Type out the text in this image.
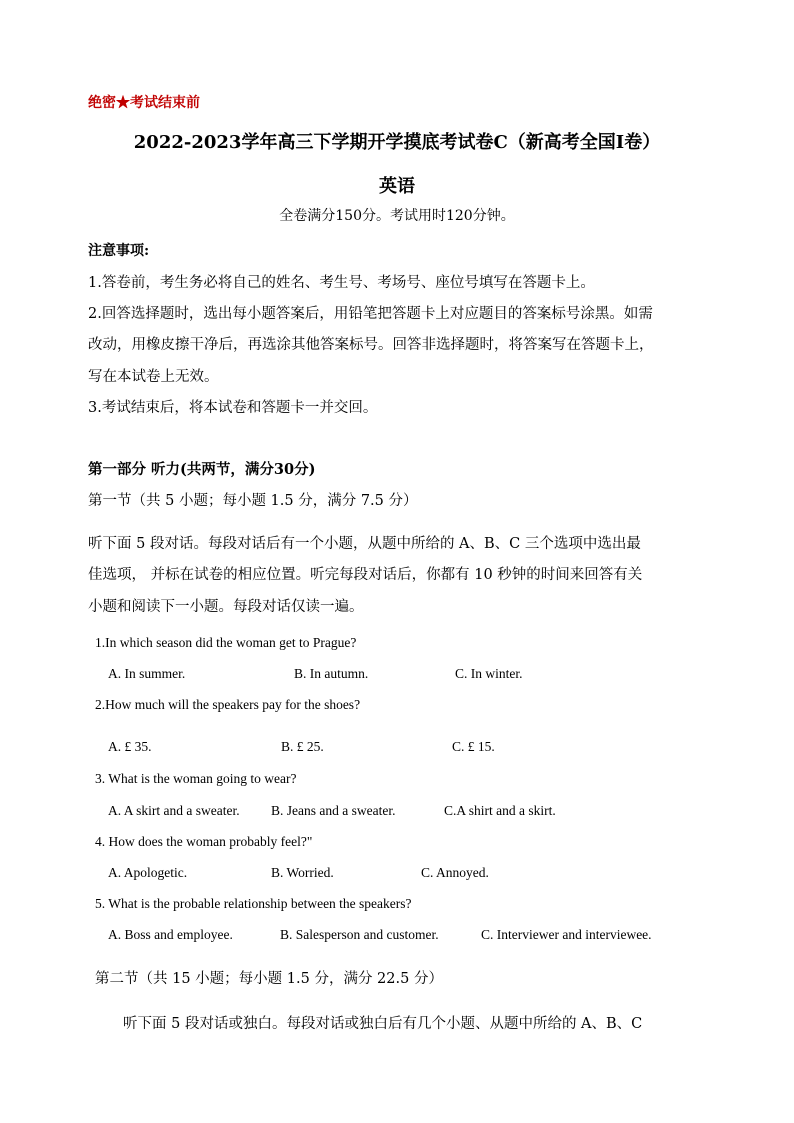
绝密★考试结束前
2022-2023学年高三下学期开学摸底考试卷C（新高考全国I卷）
英语
全卷满分150分。考试用时120分钟。
注意事项:
1.答卷前，考生务必将自己的姓名、考生号、考场号、座位号填写在答题卡上。
2.回答选择题时，选出每小题答案后，用铅笔把答题卡上对应题目的答案标号涂黑。如需
改动，用橡皮擦干净后，再选涂其他答案标号。回答非选择题时，将答案写在答题卡上，
写在本试卷上无效。
3.考试结束后，将本试卷和答题卡一并交回。
第一部分 听力(共两节，满分30分)
第一节（共 5 小题；每小题 1.5 分，满分 7.5 分）
听下面 5 段对话。每段对话后有一个小题，从题中所给的 A、B、C 三个选项中选出最
佳选项， 并标在试卷的相应位置。听完每段对话后，你都有 10 秒钟的时间来回答有关
小题和阅读下一小题。每段对话仅读一遍。
1.In which season did the woman get to Prague?
A. In summer.	B. In autumn.	C. In winter.
2.How much will the speakers pay for the shoes?
A. £ 35.	B. £ 25.	C. £ 15.
3. What is the woman going to wear?
A. A skirt and a sweater. B. Jeans and a sweater.	C.A shirt and a skirt.
4. How does the woman probably feel?"
A. Apologetic.	B. Worried.	C. Annoyed.
5. What is the probable relationship between the speakers?
A. Boss and employee.	B. Salesperson and customer.	C. Interviewer and interviewee.
第二节（共 15 小题；每小题 1.5 分，满分 22.5 分）
听下面 5 段对话或独白。每段对话或独白后有几个小题、从题中所给的 A、B、C
